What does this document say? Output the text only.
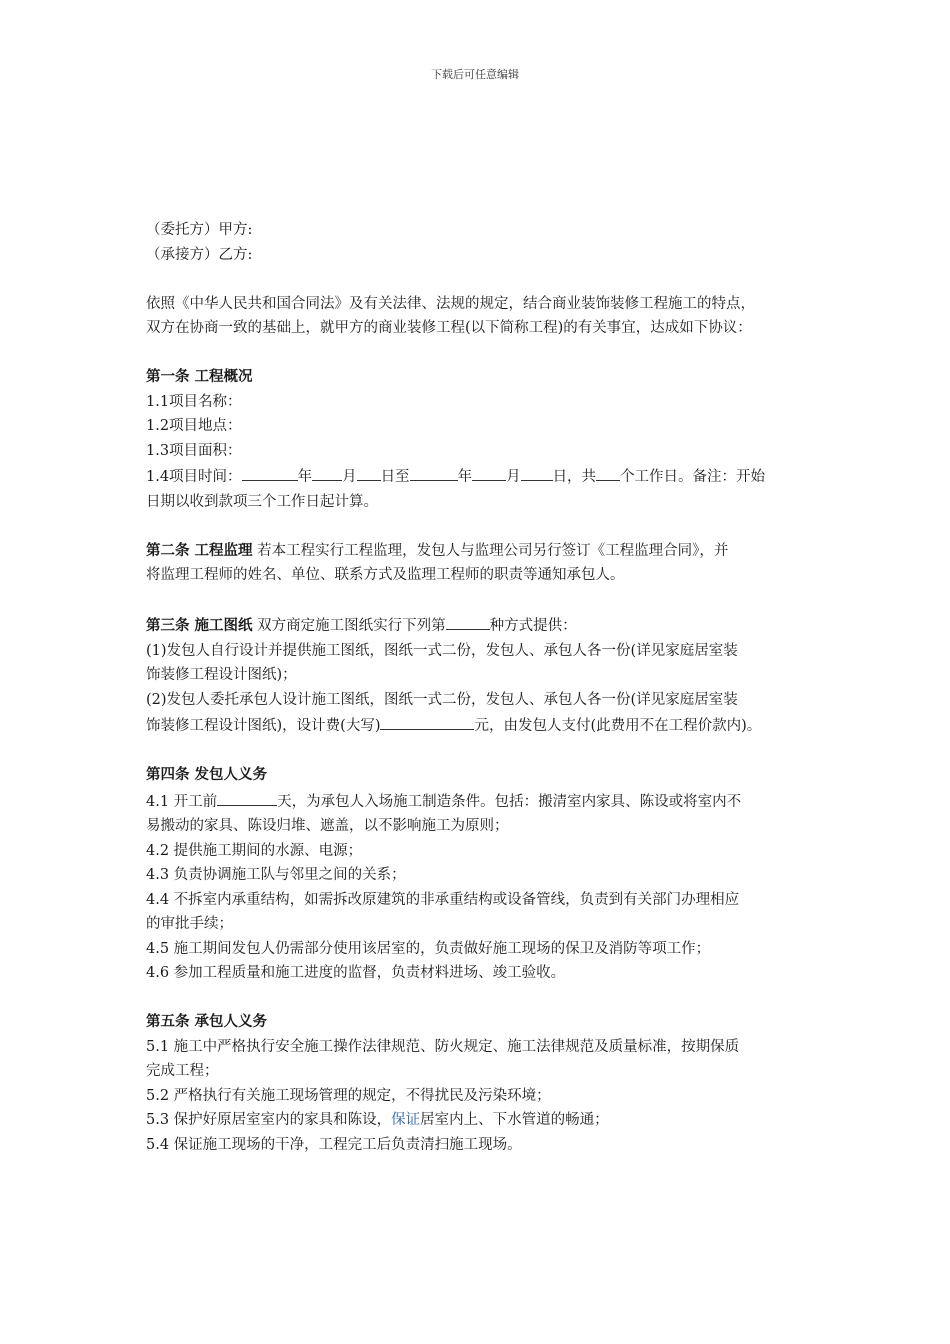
下载后可任意编辑
（委托方）甲方:
（承接方）乙方:
依照《中华人民共和国合同法》及有关法律、法规的规定，结合商业装饰装修工程施工的特点，
双方在协商一致的基础上，就甲方的商业装修工程(以下简称工程)的有关事宜，达成如下协议：
第一条 工程概况
1.1项目名称：
1.2项目地点：
1.3项目面积：
1.4项目时间：	年 月 日至	年 月 日，共 个工作日。备注：开始
日期以收到款项三个工作日起计算。
第二条 工程监理 若本工程实行工程监理，发包人与监理公司另行签订《工程监理合同》，并
将监理工程师的姓名、单位、联系方式及监理工程师的职责等通知承包人。
第三条 施工图纸 双方商定施工图纸实行下列第	种方式提供：
(1)发包人自行设计并提供施工图纸，图纸一式二份，发包人、承包人各一份(详见家庭居室装
饰装修工程设计图纸)；
(2)发包人委托承包人设计施工图纸，图纸一式二份，发包人、承包人各一份(详见家庭居室装
饰装修工程设计图纸)，设计费(大写)	元，由发包人支付(此费用不在工程价款内)。
第四条 发包人义务
4.1 开工前	天，为承包人入场施工制造条件。包括：搬清室内家具、陈设或将室内不
易搬动的家具、陈设归堆、遮盖，以不影响施工为原则；
4.2 提供施工期间的水源、电源；
4.3 负责协调施工队与邻里之间的关系；
4.4 不拆室内承重结构，如需拆改原建筑的非承重结构或设备管线，负责到有关部门办理相应
的审批手续；
4.5 施工期间发包人仍需部分使用该居室的，负责做好施工现场的保卫及消防等项工作；
4.6 参加工程质量和施工进度的监督，负责材料进场、竣工验收。
第五条 承包人义务
5.1 施工中严格执行安全施工操作法律规范、防火规定、施工法律规范及质量标准，按期保质
完成工程；
5.2 严格执行有关施工现场管理的规定，不得扰民及污染环境；
5.3 保护好原居室室内的家具和陈设，保证居室内上、下水管道的畅通；
5.4 保证施工现场的干净，工程完工后负责清扫施工现场。
